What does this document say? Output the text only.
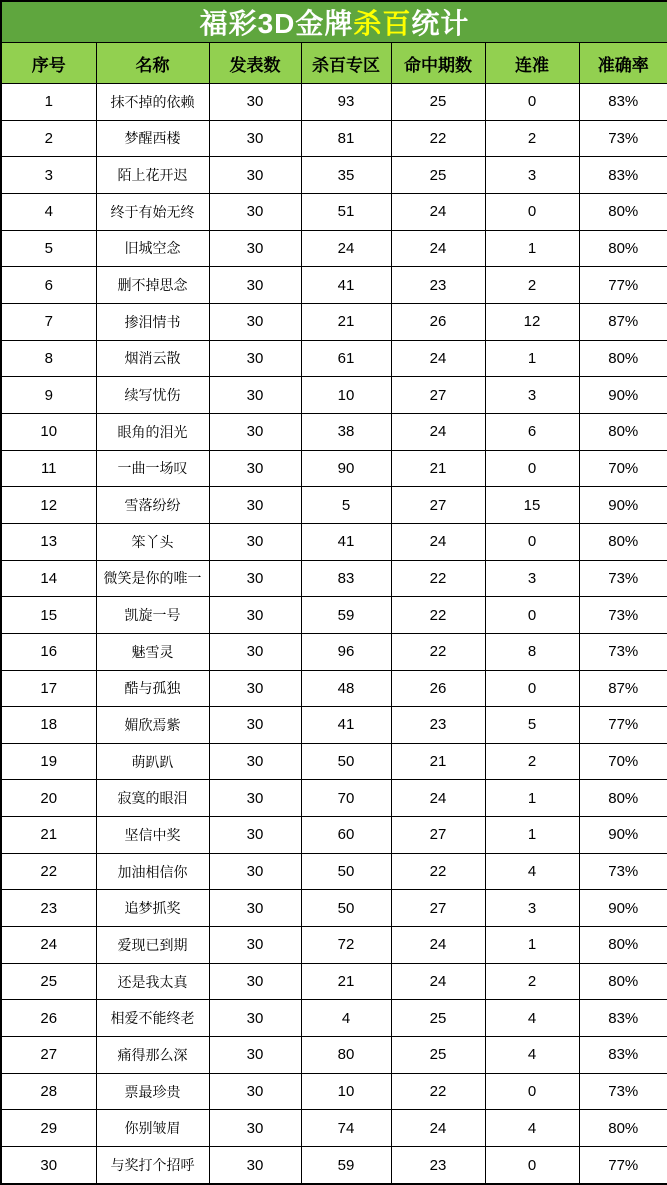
福彩3D金牌杀百统计						
序号	名称	发表数	杀百专区	命中期数	连准	准确率
1	抹不掉的依赖	30	93	25	0	83%
2	梦醒西楼	30	81	22	2	73%
3	陌上花开迟	30	35	25	3	83%
4	终于有始无终	30	51	24	0	80%
5	旧城空念	30	24	24	1	80%
6	删不掉思念	30	41	23	2	77%
7	掺泪情书	30	21	26	12	87%
8	烟消云散	30	61	24	1	80%
9	续写忧伤	30	10	27	3	90%
10	眼角的泪光	30	38	24	6	80%
11	一曲一场叹	30	90	21	0	70%
12	雪落纷纷	30	5	27	15	90%
13	笨丫头	30	41	24	0	80%
14	微笑是你的唯一	30	83	22	3	73%
15	凯旋一号	30	59	22	0	73%
16	魅雪灵	30	96	22	8	73%
17	酷与孤独	30	48	26	0	87%
18	媚欣焉紫	30	41	23	5	77%
19	萌趴趴	30	50	21	2	70%
20	寂寞的眼泪	30	70	24	1	80%
21	坚信中奖	30	60	27	1	90%
22	加油相信你	30	50	22	4	73%
23	追梦抓奖	30	50	27	3	90%
24	爱现已到期	30	72	24	1	80%
25	还是我太真	30	21	24	2	80%
26	相爱不能终老	30	4	25	4	83%
27	痛得那么深	30	80	25	4	83%
28	票最珍贵	30	10	22	0	73%
29	你别皱眉	30	74	24	4	80%
30	与奖打个招呼	30	59	23	0	77%
